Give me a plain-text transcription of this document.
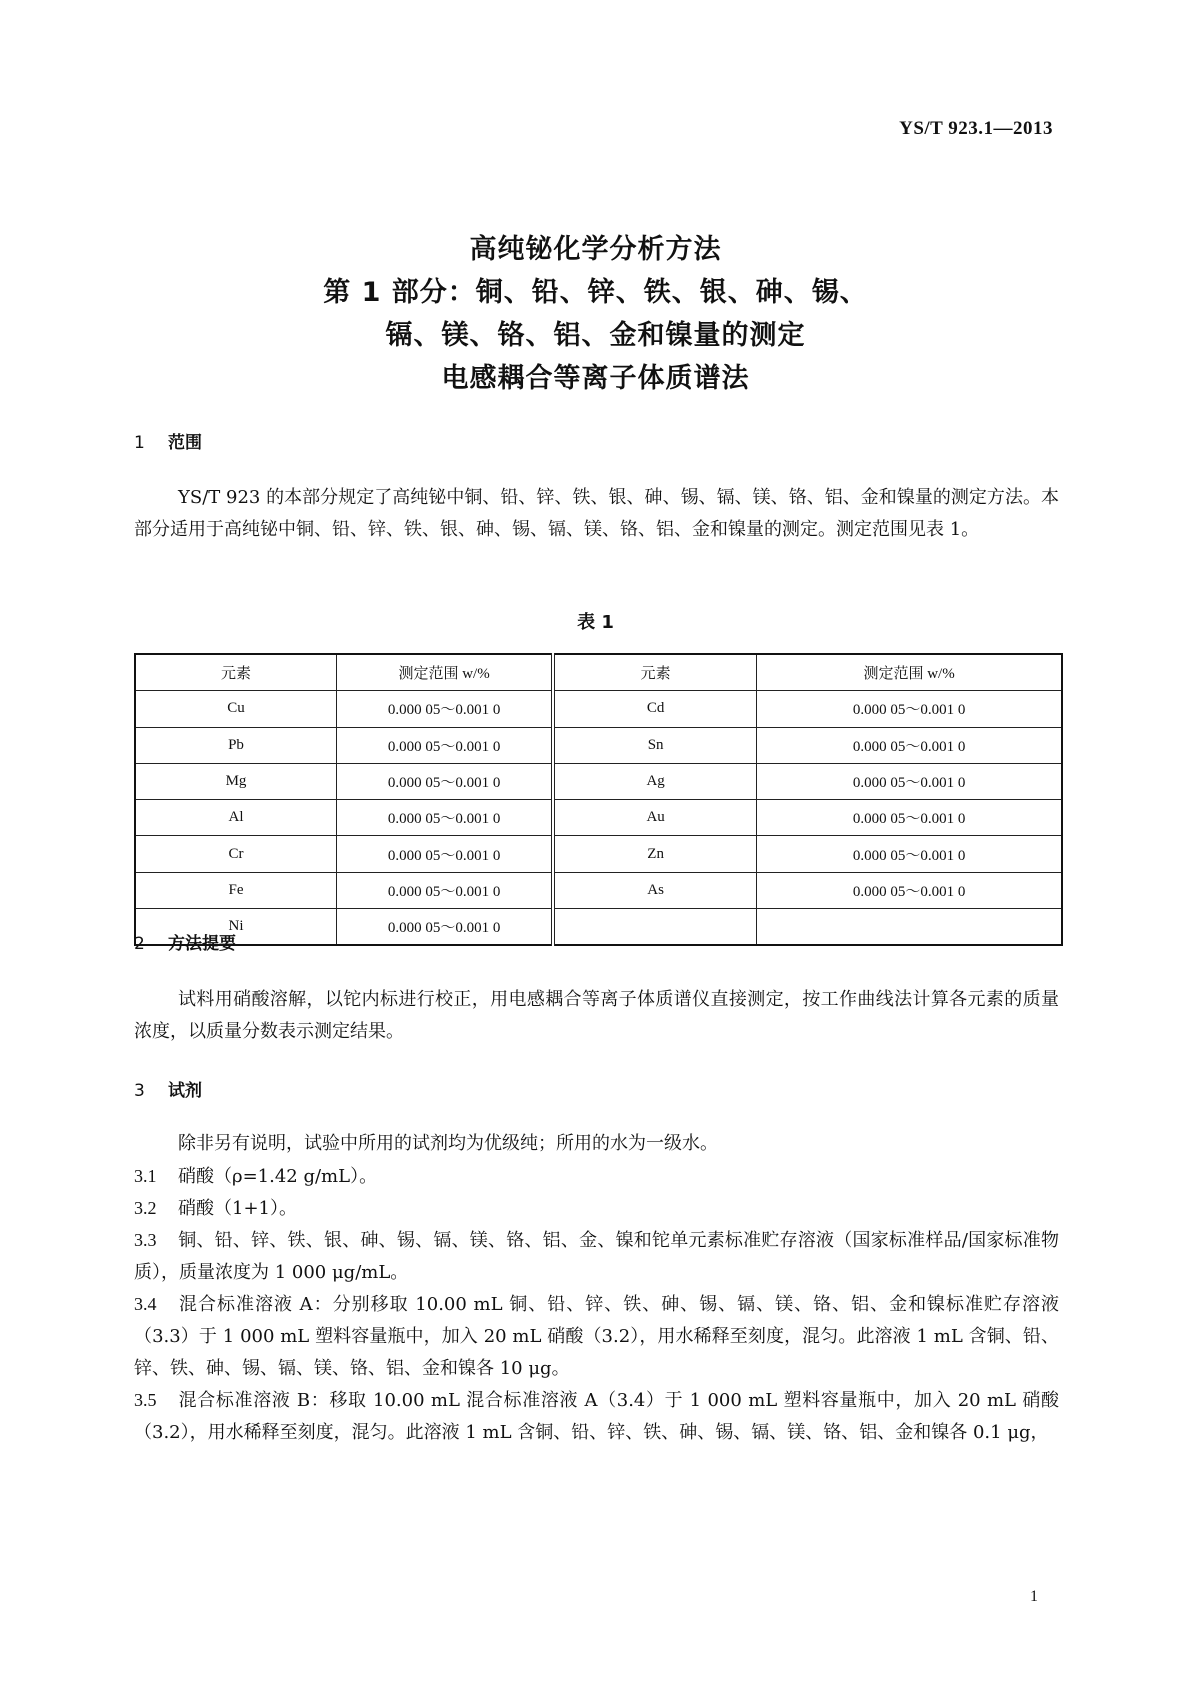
YS/T 923.1—2013

高纯铋化学分析方法

第 1 部分：铜、铅、锌、铁、银、砷、锡、

镉、镁、铬、铝、金和镍量的测定

电感耦合等离子体质谱法

1 范围

YS/T 923 的本部分规定了高纯铋中铜、铅、锌、铁、银、砷、锡、镉、镁、铬、铝、金和镍量的测定方法。本部分适用于高纯铋中铜、铅、锌、铁、银、砷、锡、镉、镁、铬、铝、金和镍量的测定。测定范围见表 1。

表 1
元素	测定范围 w/%	元素	测定范围 w/%
Cu	0.000 05～0.001 0	Cd	0.000 05～0.001 0
Pb	0.000 05～0.001 0	Sn	0.000 05～0.001 0
Mg	0.000 05～0.001 0	Ag	0.000 05～0.001 0
Al	0.000 05～0.001 0	Au	0.000 05～0.001 0
Cr	0.000 05～0.001 0	Zn	0.000 05～0.001 0
Fe	0.000 05～0.001 0	As	0.000 05～0.001 0
Ni	0.000 05～0.001 0		
2 方法提要

试料用硝酸溶解，以铊内标进行校正，用电感耦合等离子体质谱仪直接测定，按工作曲线法计算各元素的质量浓度，以质量分数表示测定结果。

3 试剂

除非另有说明，试验中所用的试剂均为优级纯；所用的水为一级水。

3.1 硝酸（ρ=1.42 g/mL）。

3.2 硝酸（1+1）。

3.3 铜、铅、锌、铁、银、砷、锡、镉、镁、铬、铝、金、镍和铊单元素标准贮存溶液（国家标准样品/国家标准物质），质量浓度为 1 000 μg/mL。

3.4 混合标准溶液 A：分别移取 10.00 mL 铜、铅、锌、铁、砷、锡、镉、镁、铬、铝、金和镍标准贮存溶液（3.3）于 1 000 mL 塑料容量瓶中，加入 20 mL 硝酸（3.2），用水稀释至刻度，混匀。此溶液 1 mL 含铜、铅、锌、铁、砷、锡、镉、镁、铬、铝、金和镍各 10 μg。

3.5 混合标准溶液 B：移取 10.00 mL 混合标准溶液 A（3.4）于 1 000 mL 塑料容量瓶中，加入 20 mL 硝酸（3.2），用水稀释至刻度，混匀。此溶液 1 mL 含铜、铅、锌、铁、砷、锡、镉、镁、铬、铝、金和镍各 0.1 μg，

1
